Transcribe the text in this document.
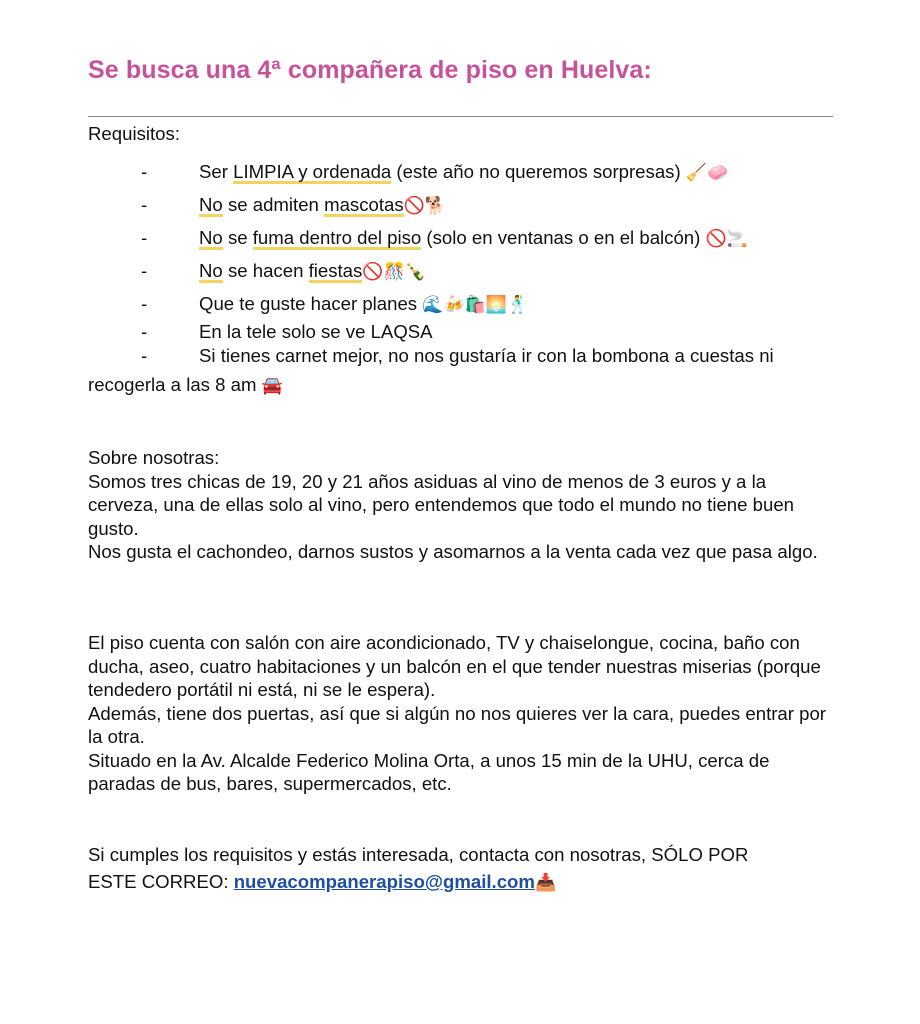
Se busca una 4ª compañera de piso en Huelva:
Requisitos:
-	Ser LIMPIA y ordenada (este año no queremos sorpresas) 🧹🧼
-	No se admiten mascotas🚫🐕
-	No se fuma dentro del piso (solo en ventanas o en el balcón) 🚫🚬
-	No se hacen fiestas🚫🎊🍾
-	Que te guste hacer planes 🌊🍻🛍️🌅🕺
-	En la tele solo se ve LAQSA
-	Si tienes carnet mejor, no nos gustaría ir con la bombona a cuestas ni
recogerla a las 8 am 🚘

Sobre nosotras:

Somos tres chicas de 19, 20 y 21 años asiduas al vino de menos de 3 euros y a la cerveza, una de ellas solo al vino, pero entendemos que todo el mundo no tiene buen gusto.

Nos gusta el cachondeo, darnos sustos y asomarnos a la venta cada vez que pasa algo.

El piso cuenta con salón con aire acondicionado, TV y chaiselongue, cocina, baño con ducha, aseo, cuatro habitaciones y un balcón en el que tender nuestras miserias (porque tendedero portátil ni está, ni se le espera).

Además, tiene dos puertas, así que si algún no nos quieres ver la cara, puedes entrar por la otra.

Situado en la Av. Alcalde Federico Molina Orta, a unos 15 min de la UHU, cerca de paradas de bus, bares, supermercados, etc.

Si cumples los requisitos y estás interesada, contacta con nosotras, SÓLO POR

ESTE CORREO: nuevacompanerapiso@gmail.com📥
